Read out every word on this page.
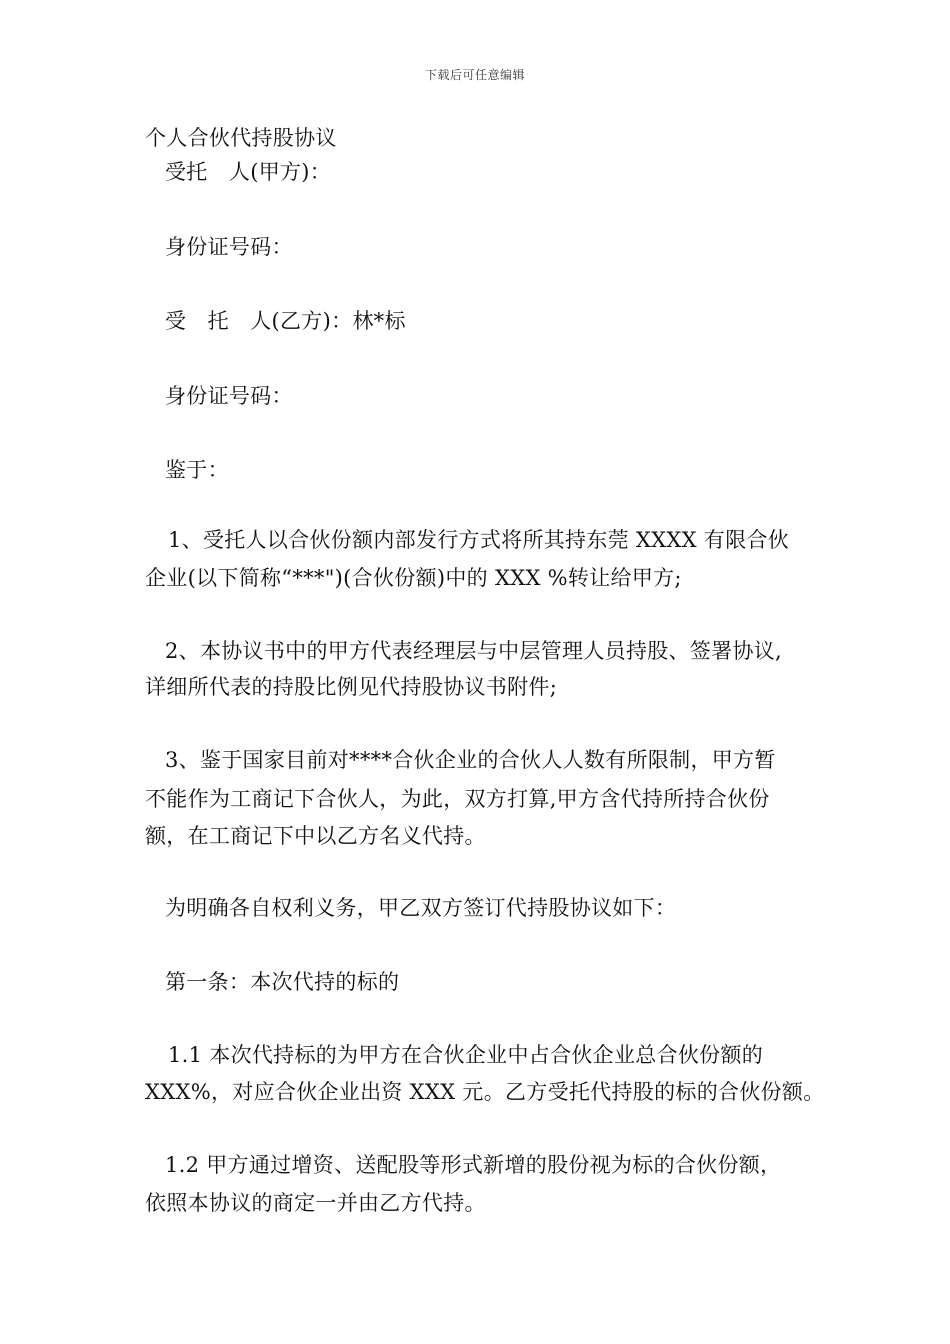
下载后可任意编辑
个人合伙代持股协议
受托　人(甲方)：
身份证号码：
受　托　人(乙方)：林*标
身份证号码：
鉴于：
1、受托人以合伙份额内部发行方式将所其持东莞 XXXX 有限合伙
企业(以下简称“***")(合伙份额)中的 XXX %转让给甲方;
2、本协议书中的甲方代表经理层与中层管理人员持股、签署协议,
详细所代表的持股比例见代持股协议书附件;
3、鉴于国家目前对****合伙企业的合伙人人数有所限制，甲方暂
不能作为工商记下合伙人，为此，双方打算,甲方含代持所持合伙份
额，在工商记下中以乙方名义代持。
为明确各自权利义务，甲乙双方签订代持股协议如下：
第一条：本次代持的标的
1.1 本次代持标的为甲方在合伙企业中占合伙企业总合伙份额的
XXX%，对应合伙企业出资 XXX 元。乙方受托代持股的标的合伙份额。
1.2 甲方通过增资、送配股等形式新增的股份视为标的合伙份额，
依照本协议的商定一并由乙方代持。
